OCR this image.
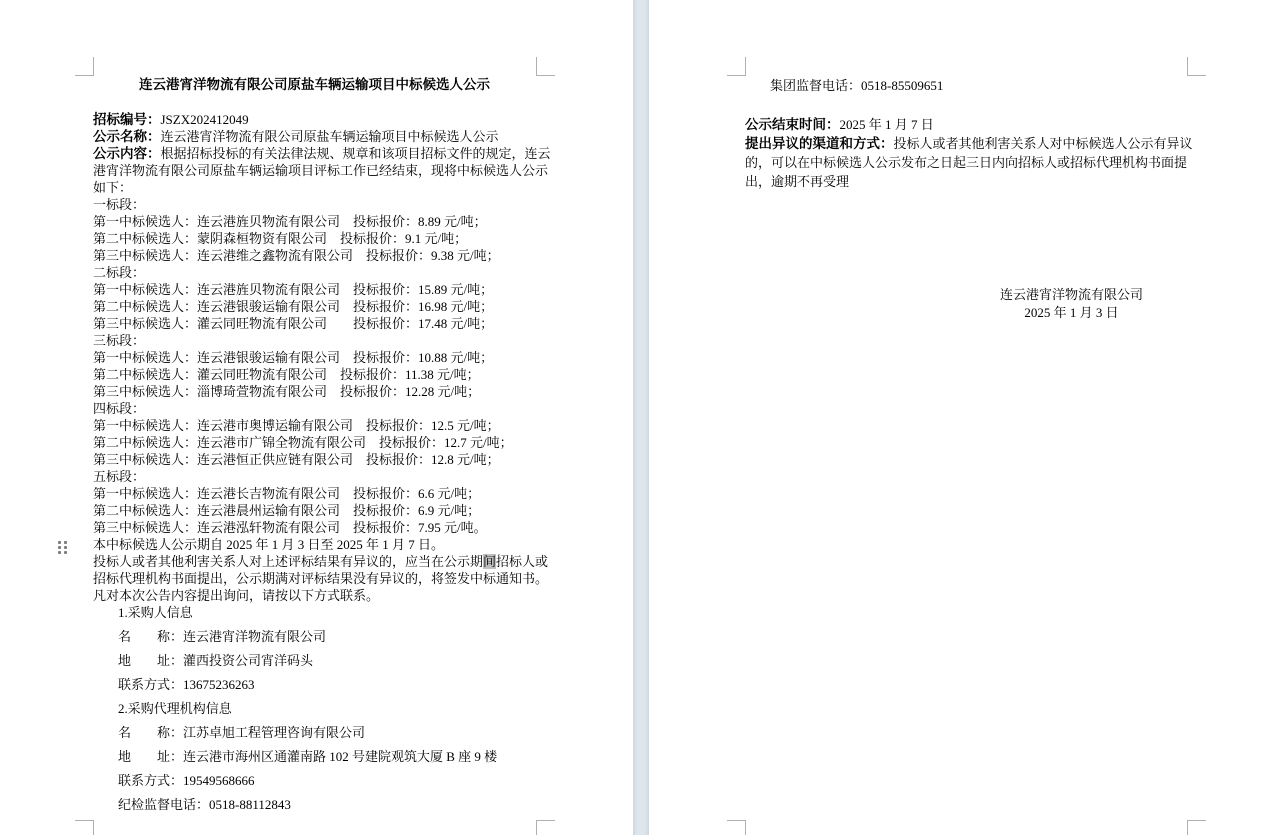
连云港宵洋物流有限公司原盐车辆运输项目中标候选人公示
招标编号：JSZX202412049
公示名称：连云港宵洋物流有限公司原盐车辆运输项目中标候选人公示
公示内容：根据招标投标的有关法律法规、规章和该项目招标文件的规定，连云
港宵洋物流有限公司原盐车辆运输项目评标工作已经结束，现将中标候选人公示
如下：
一标段：
第一中标候选人：连云港旌贝物流有限公司　投标报价：8.89 元/吨；
第二中标候选人：蒙阴森桓物资有限公司　投标报价：9.1 元/吨；
第三中标候选人：连云港维之鑫物流有限公司　投标报价：9.38 元/吨；
二标段：
第一中标候选人：连云港旌贝物流有限公司　投标报价：15.89 元/吨；
第二中标候选人：连云港银骏运输有限公司　投标报价：16.98 元/吨；
第三中标候选人：灌云同旺物流有限公司　　投标报价：17.48 元/吨；
三标段：
第一中标候选人：连云港银骏运输有限公司　投标报价：10.88 元/吨；
第二中标候选人：灌云同旺物流有限公司　投标报价：11.38 元/吨；
第三中标候选人：淄博琦萱物流有限公司　投标报价：12.28 元/吨；
四标段：
第一中标候选人：连云港市奥博运输有限公司　投标报价：12.5 元/吨；
第二中标候选人：连云港市广锦全物流有限公司　投标报价：12.7 元/吨；
第三中标候选人：连云港恒正供应链有限公司　投标报价：12.8 元/吨；
五标段：
第一中标候选人：连云港长吉物流有限公司　投标报价：6.6 元/吨；
第二中标候选人：连云港晨州运输有限公司　投标报价：6.9 元/吨；
第三中标候选人：连云港泓轩物流有限公司　投标报价：7.95 元/吨。
本中标候选人公示期自 2025 年 1 月 3 日至 2025 年 1 月 7 日。
投标人或者其他利害关系人对上述评标结果有异议的，应当在公示期间招标人或
招标代理机构书面提出，公示期满对评标结果没有异议的，将签发中标通知书。
凡对本次公告内容提出询问，请按以下方式联系。
1.采购人信息
名　　称：连云港宵洋物流有限公司
地　　址：灌西投资公司宵洋码头
联系方式：13675236263
2.采购代理机构信息
名　　称：江苏卓旭工程管理咨询有限公司
地　　址：连云港市海州区通灌南路 102 号建院观筑大厦 B 座 9 楼
联系方式：19549568666
纪检监督电话：0518-88112843
集团监督电话：0518-85509651
公示结束时间：2025 年 1 月 7 日
提出异议的渠道和方式：投标人或者其他利害关系人对中标候选人公示有异议
的，可以在中标候选人公示发布之日起三日内向招标人或招标代理机构书面提
出，逾期不再受理
连云港宵洋物流有限公司
2025 年 1 月 3 日
